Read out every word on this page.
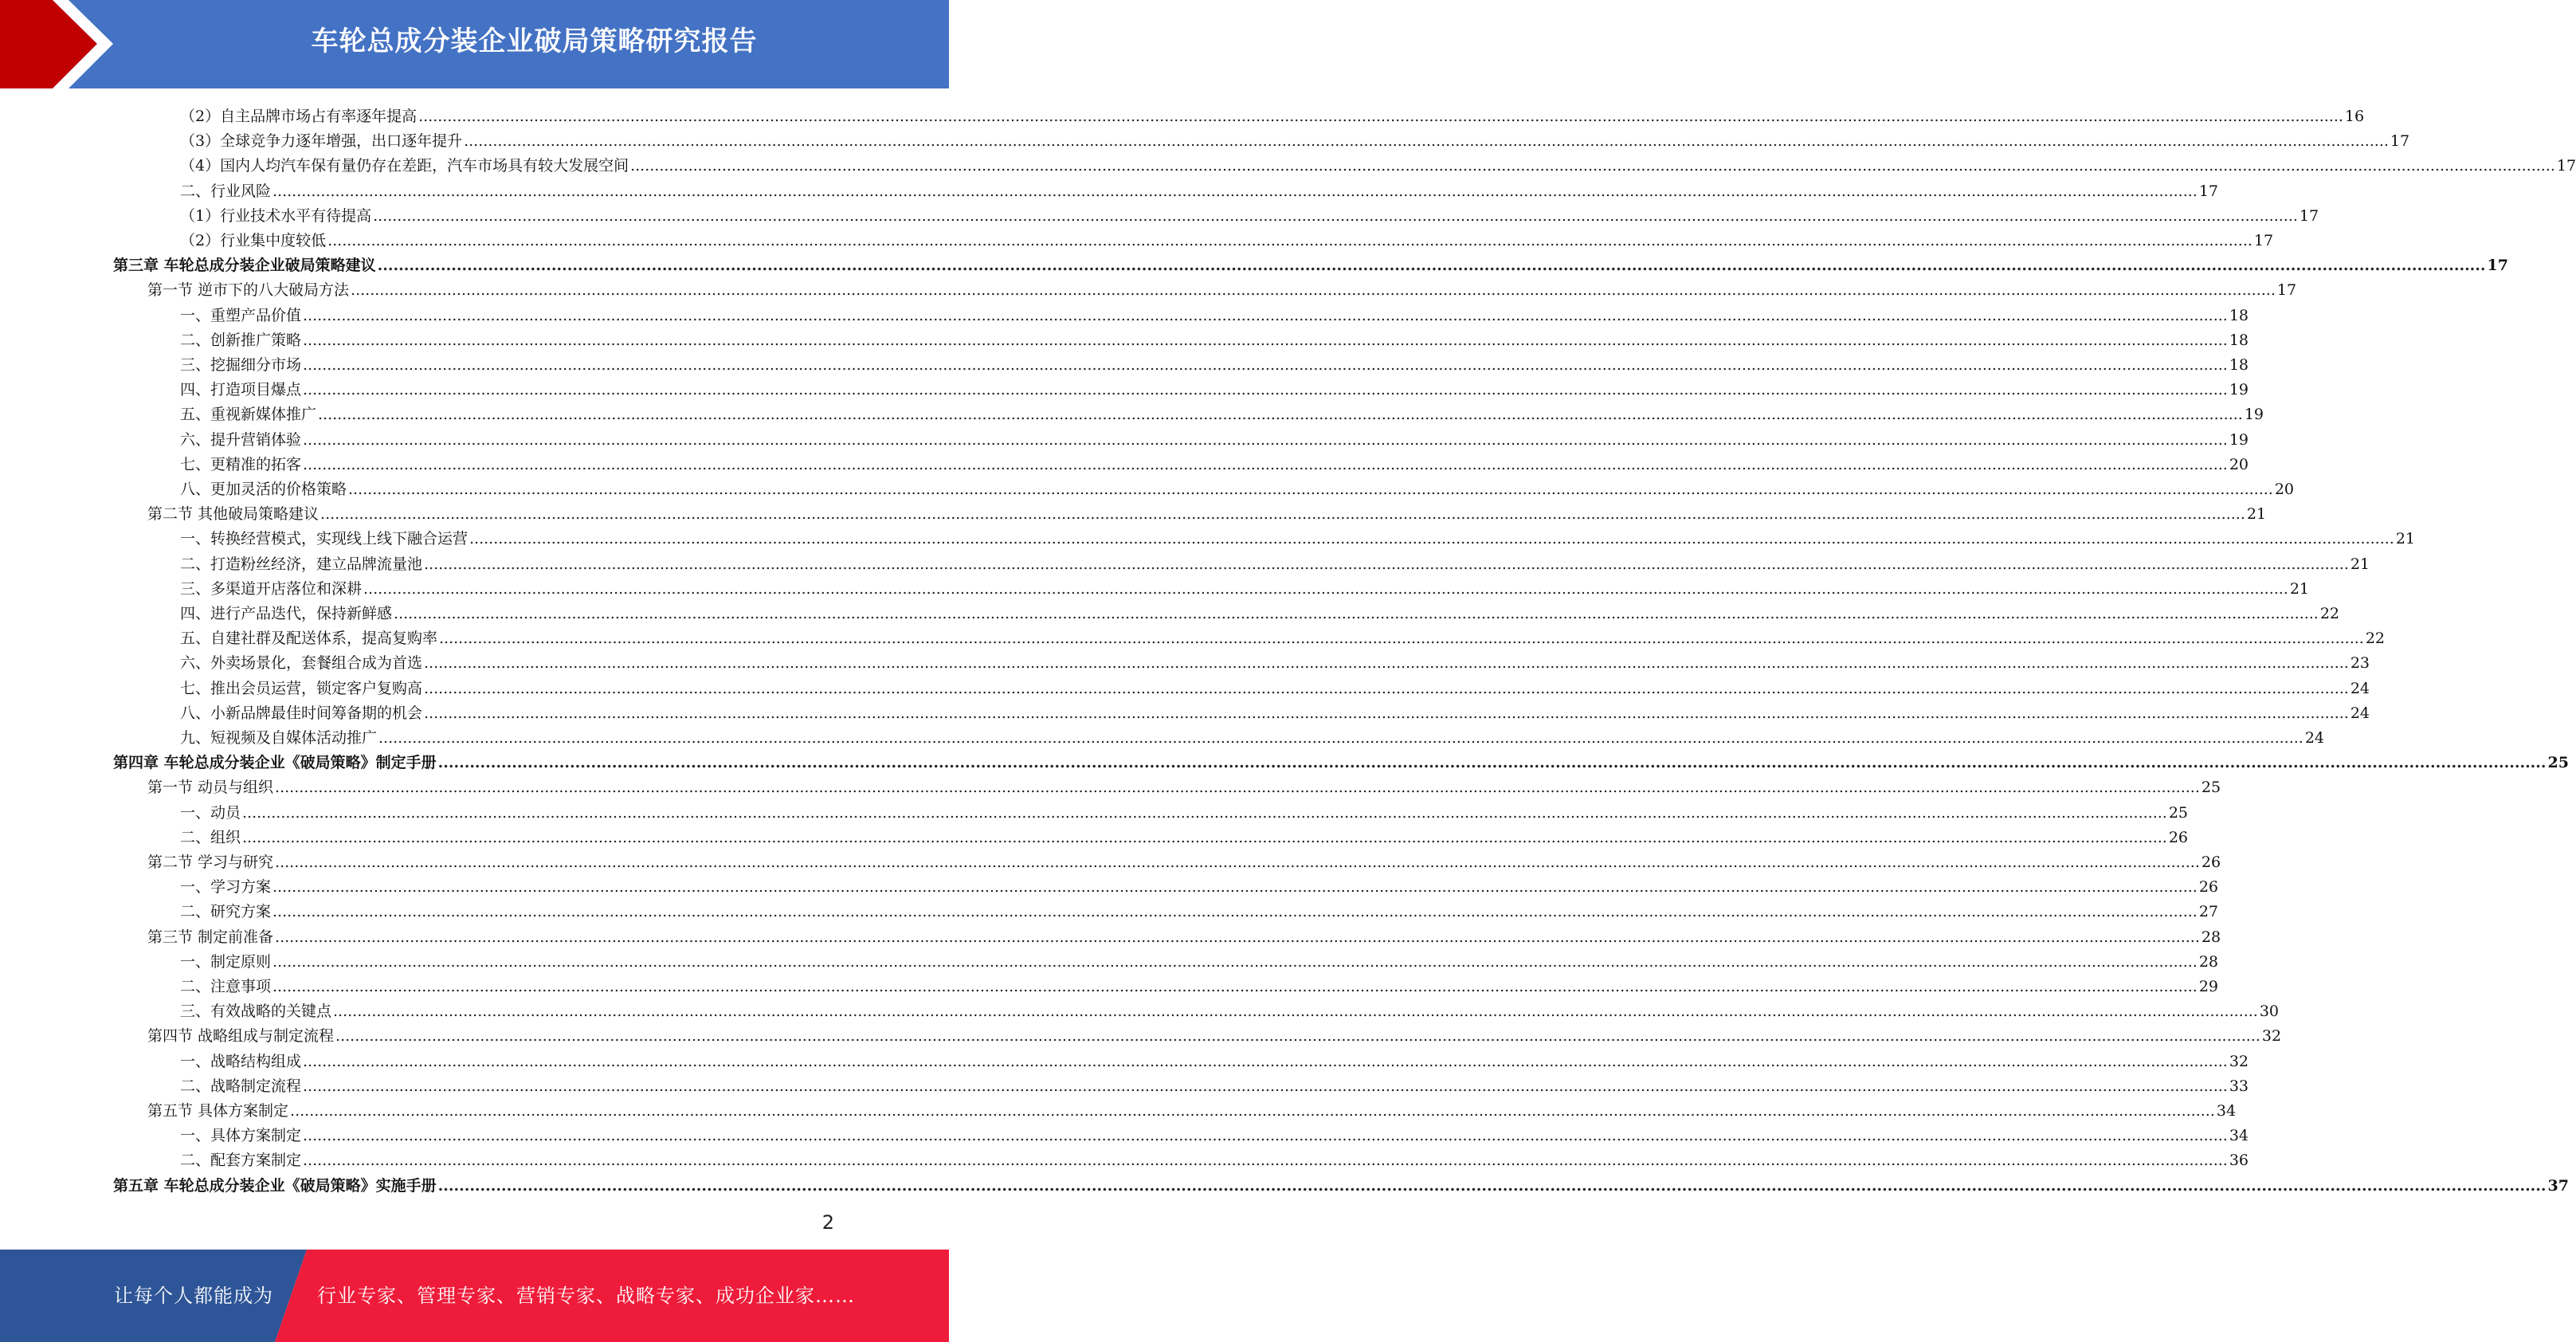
车轮总成分装企业破局策略研究报告
（2）自主品牌市场占有率逐年提高 ................................................................................................................................................................................................................................................................................................................................................................................................................ 16
（3）全球竞争力逐年增强，出口逐年提升 ................................................................................................................................................................................................................................................................................................................................................................................................................ 17
（4）国内人均汽车保有量仍存在差距，汽车市场具有较大发展空间 ................................................................................................................................................................................................................................................................................................................................................................................................................ 17
二、行业风险 ................................................................................................................................................................................................................................................................................................................................................................................................................ 17
（1）行业技术水平有待提高 ................................................................................................................................................................................................................................................................................................................................................................................................................ 17
（2）行业集中度较低 ................................................................................................................................................................................................................................................................................................................................................................................................................ 17
第三章 车轮总成分装企业破局策略建议 ................................................................................................................................................................................................................................................................................................................................................................................................................ 17
第一节 逆市下的八大破局方法 ................................................................................................................................................................................................................................................................................................................................................................................................................ 17
一、重塑产品价值 ................................................................................................................................................................................................................................................................................................................................................................................................................ 18
二、创新推广策略 ................................................................................................................................................................................................................................................................................................................................................................................................................ 18
三、挖掘细分市场 ................................................................................................................................................................................................................................................................................................................................................................................................................ 18
四、打造项目爆点 ................................................................................................................................................................................................................................................................................................................................................................................................................ 19
五、重视新媒体推广 ................................................................................................................................................................................................................................................................................................................................................................................................................ 19
六、提升营销体验 ................................................................................................................................................................................................................................................................................................................................................................................................................ 19
七、更精准的拓客 ................................................................................................................................................................................................................................................................................................................................................................................................................ 20
八、更加灵活的价格策略 ................................................................................................................................................................................................................................................................................................................................................................................................................ 20
第二节 其他破局策略建议 ................................................................................................................................................................................................................................................................................................................................................................................................................ 21
一、转换经营模式，实现线上线下融合运营 ................................................................................................................................................................................................................................................................................................................................................................................................................ 21
二、打造粉丝经济，建立品牌流量池 ................................................................................................................................................................................................................................................................................................................................................................................................................ 21
三、多渠道开店落位和深耕 ................................................................................................................................................................................................................................................................................................................................................................................................................ 21
四、进行产品迭代，保持新鲜感 ................................................................................................................................................................................................................................................................................................................................................................................................................ 22
五、自建社群及配送体系，提高复购率 ................................................................................................................................................................................................................................................................................................................................................................................................................ 22
六、外卖场景化，套餐组合成为首选 ................................................................................................................................................................................................................................................................................................................................................................................................................ 23
七、推出会员运营，锁定客户复购高 ................................................................................................................................................................................................................................................................................................................................................................................................................ 24
八、小新品牌最佳时间筹备期的机会 ................................................................................................................................................................................................................................................................................................................................................................................................................ 24
九、短视频及自媒体活动推广 ................................................................................................................................................................................................................................................................................................................................................................................................................ 24
第四章 车轮总成分装企业《破局策略》制定手册 ................................................................................................................................................................................................................................................................................................................................................................................................................ 25
第一节 动员与组织 ................................................................................................................................................................................................................................................................................................................................................................................................................ 25
一、动员 ................................................................................................................................................................................................................................................................................................................................................................................................................ 25
二、组织 ................................................................................................................................................................................................................................................................................................................................................................................................................ 26
第二节 学习与研究 ................................................................................................................................................................................................................................................................................................................................................................................................................ 26
一、学习方案 ................................................................................................................................................................................................................................................................................................................................................................................................................ 26
二、研究方案 ................................................................................................................................................................................................................................................................................................................................................................................................................ 27
第三节 制定前准备 ................................................................................................................................................................................................................................................................................................................................................................................................................ 28
一、制定原则 ................................................................................................................................................................................................................................................................................................................................................................................................................ 28
二、注意事项 ................................................................................................................................................................................................................................................................................................................................................................................................................ 29
三、有效战略的关键点 ................................................................................................................................................................................................................................................................................................................................................................................................................ 30
第四节 战略组成与制定流程 ................................................................................................................................................................................................................................................................................................................................................................................................................ 32
一、战略结构组成 ................................................................................................................................................................................................................................................................................................................................................................................................................ 32
二、战略制定流程 ................................................................................................................................................................................................................................................................................................................................................................................................................ 33
第五节 具体方案制定 ................................................................................................................................................................................................................................................................................................................................................................................................................ 34
一、具体方案制定 ................................................................................................................................................................................................................................................................................................................................................................................................................ 34
二、配套方案制定 ................................................................................................................................................................................................................................................................................................................................................................................................................ 36
第五章 车轮总成分装企业《破局策略》实施手册 ................................................................................................................................................................................................................................................................................................................................................................................................................ 37
2
让每个人都能成为 行业专家、管理专家、营销专家、战略专家、成功企业家……
